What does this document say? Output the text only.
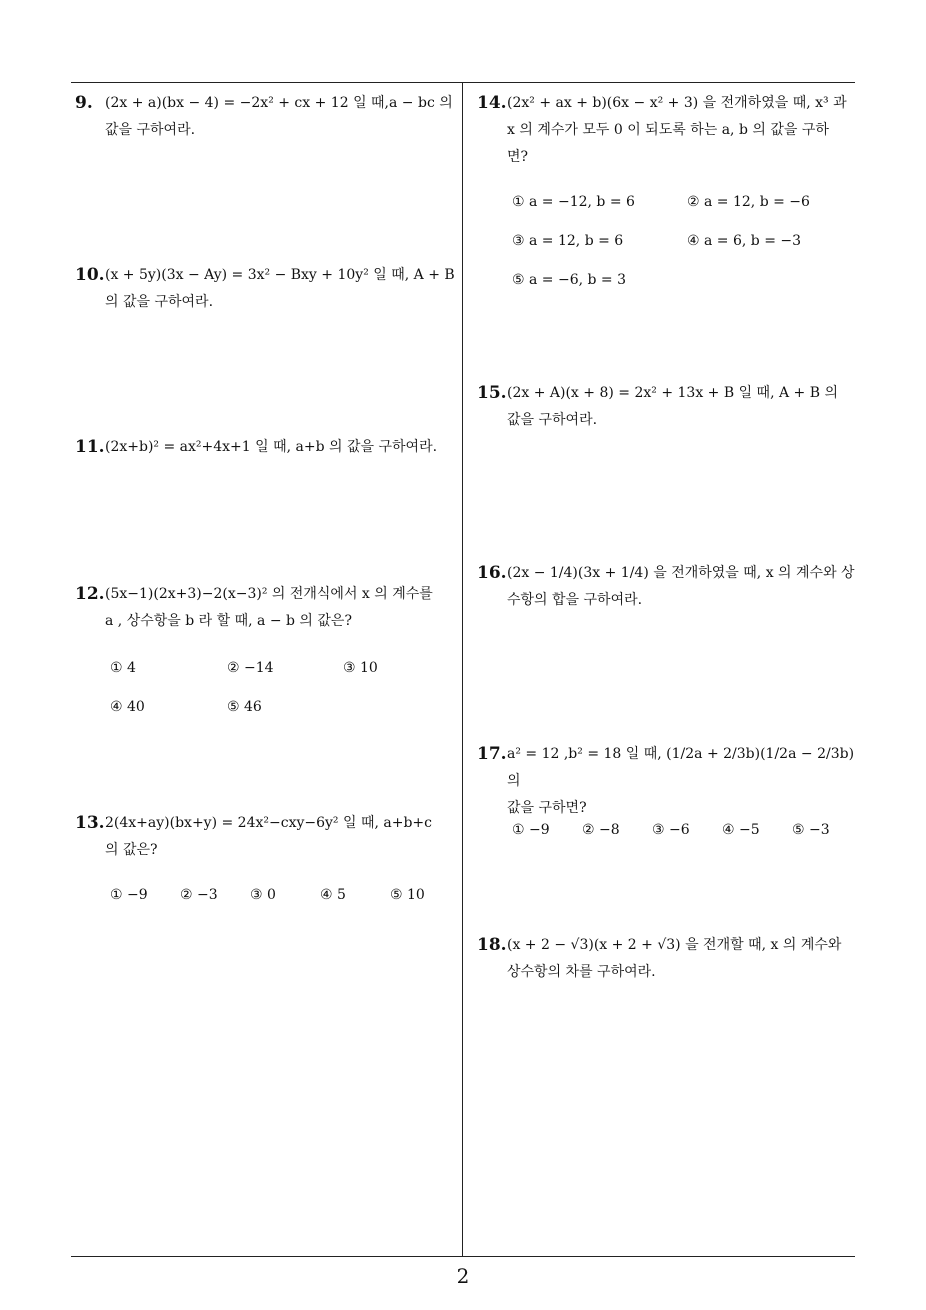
9. (2x + a)(bx − 4) = −2x² + cx + 12 일 때,a − bc 의
값을 구하여라.
10. (x + 5y)(3x − Ay) = 3x² − Bxy + 10y² 일 때, A + B
의 값을 구하여라.
11. (2x+b)² = ax²+4x+1 일 때, a+b 의 값을 구하여라.
12. (5x−1)(2x+3)−2(x−3)² 의 전개식에서 x 의 계수를
a , 상수항을 b 라 할 때, a − b 의 값은?
① 4	② −14	③ 10
④ 40	⑤ 46
13. 2(4x+ay)(bx+y) = 24x²−cxy−6y² 일 때, a+b+c
의 값은?
① −9 ② −3 ③ 0	④ 5	⑤ 10
14. (2x² + ax + b)(6x − x² + 3) 을 전개하였을 때, x³ 과
x 의 계수가 모두 0 이 되도록 하는 a, b 의 값을 구하
면?
① a = −12, b = 6	② a = 12, b = −6
③ a = 12, b = 6	④ a = 6, b = −3
⑤ a = −6, b = 3
15. (2x + A)(x + 8) = 2x² + 13x + B 일 때, A + B 의
값을 구하여라.
16. (2x − 1/4)(3x + 1/4) 을 전개하였을 때, x 의 계수와 상
수항의 합을 구하여라.
17. a² = 12 ,b² = 18 일 때, (1/2a + 2/3b)(1/2a − 2/3b) 의
값을 구하면?
① −9 ② −8 ③ −6 ④ −5 ⑤ −3
18. (x + 2 − √3)(x + 2 + √3) 을 전개할 때, x 의 계수와
상수항의 차를 구하여라.
2
